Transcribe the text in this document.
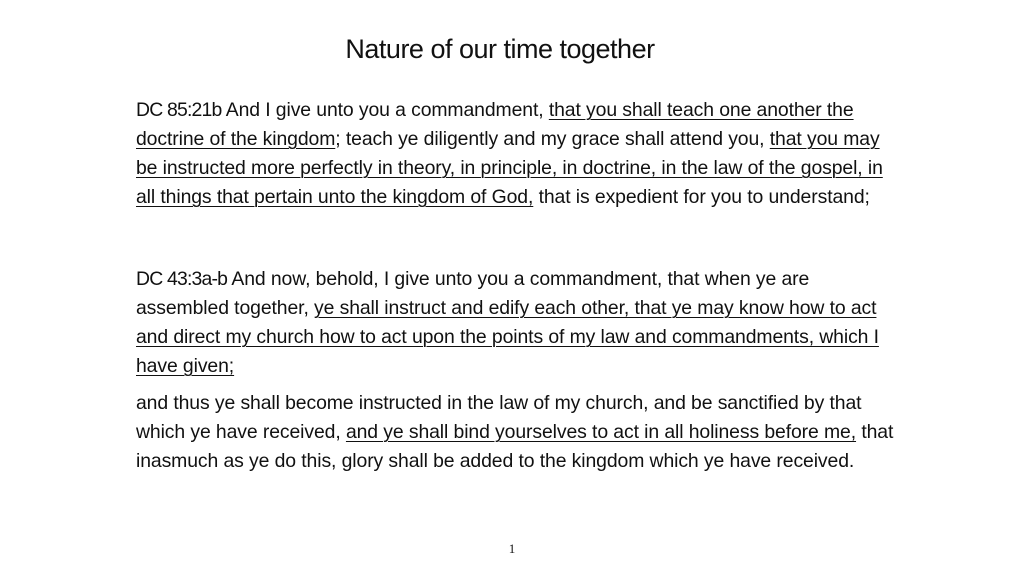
Nature of our time together

DC 85:21b And I give unto you a commandment, that you shall teach one another the doctrine of the kingdom; teach ye diligently and my grace shall attend you, that you may be instructed more perfectly in theory, in principle, in doctrine, in the law of the gospel, in all things that pertain unto the kingdom of God, that is expedient for you to understand;

DC 43:3a-b And now, behold, I give unto you a commandment, that when ye are assembled together, ye shall instruct and edify each other, that ye may know how to act and direct my church how to act upon the points of my law and commandments, which I have given;

and thus ye shall become instructed in the law of my church, and be sanctified by that which ye have received, and ye shall bind yourselves to act in all holiness before me, that inasmuch as ye do this, glory shall be added to the kingdom which ye have received.

1
